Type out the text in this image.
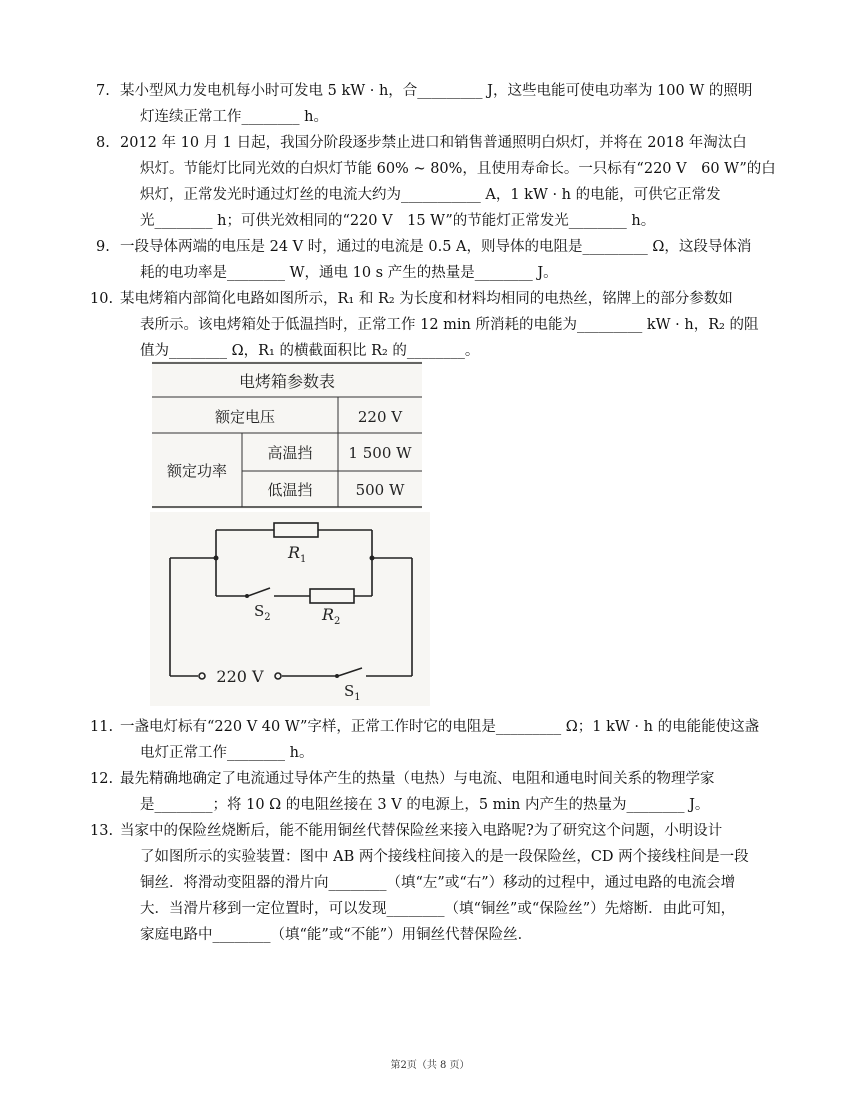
7. 某小型风力发电机每小时可发电 5 kW · h，合_________ J，这些电能可使电功率为 100 W 的照明
灯连续正常工作________ h。
8. 2012 年 10 月 1 日起，我国分阶段逐步禁止进口和销售普通照明白炽灯，并将在 2018 年淘汰白
炽灯。节能灯比同光效的白炽灯节能 60% ~ 80%，且使用寿命长。一只标有“220 V　60 W”的白
炽灯，正常发光时通过灯丝的电流大约为___________ A，1 kW · h 的电能，可供它正常发
光________ h；可供光效相同的“220 V　15 W”的节能灯正常发光________ h。
9. 一段导体两端的电压是 24 V 时，通过的电流是 0.5 A，则导体的电阻是_________ Ω，这段导体消
耗的电功率是________ W，通电 10 s 产生的热量是________ J。
10. 某电烤箱内部简化电路如图所示，R₁ 和 R₂ 为长度和材料均相同的电热丝，铭牌上的部分参数如
表所示。该电烤箱处于低温挡时，正常工作 12 min 所消耗的电能为_________ kW · h，R₂ 的阻
值为________ Ω，R₁ 的横截面积比 R₂ 的________。
电烤箱参数表
额定电压	220 V
额定功率
高温挡 1 500 W
低温挡	500 W
$R_1$
$R_2$
$S_2$
$S_1$
220 V
11. 一盏电灯标有“220 V 40 W”字样，正常工作时它的电阻是_________ Ω；1 kW · h 的电能能使这盏
电灯正常工作________ h。
12. 最先精确地确定了电流通过导体产生的热量（电热）与电流、电阻和通电时间关系的物理学家
是________；将 10 Ω 的电阻丝接在 3 V 的电源上，5 min 内产生的热量为________ J。
13. 当家中的保险丝烧断后，能不能用铜丝代替保险丝来接入电路呢?为了研究这个问题，小明设计
了如图所示的实验装置：图中 AB 两个接线柱间接入的是一段保险丝，CD 两个接线柱间是一段
铜丝．将滑动变阻器的滑片向________（填“左”或“右”）移动的过程中，通过电路的电流会增
大．当滑片移到一定位置时，可以发现________（填“铜丝”或“保险丝”）先熔断．由此可知，
家庭电路中________（填“能”或“不能”）用铜丝代替保险丝．
第2页（共 8 页）
